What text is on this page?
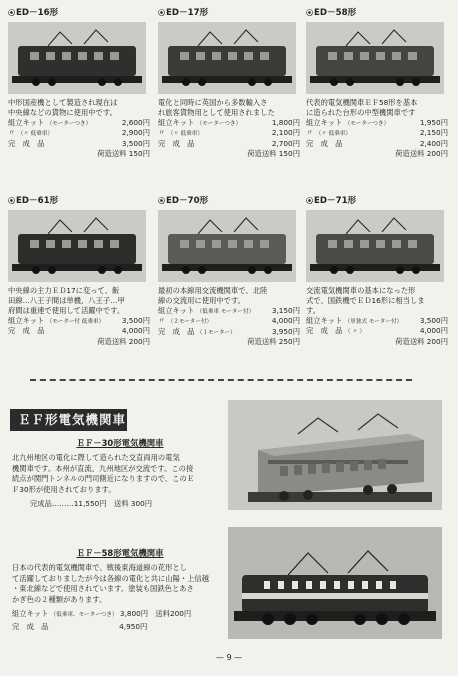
⦿ED－16形
中形国産機として製造され現在は
中央線などの貨物に使用中です。
組立キット （モーターつき）	2,600円
〃 （〃 低乗車）	2,900円
完　成　品	3,500円
荷造送料 150円
⦿ED－17形
電化と同時に英国から多数輸入さ
れ旅客貨物用として使用されました
組立キット （モーターつき）	1,800円
〃 （〃 低乗車）	2,100円
完　成　品	2,700円
荷造送料 150円
⦿ED－58形
代表的電気機関車ＥＦ58形を基本
に造られた台形の中型機関車です
組立キット （モーターつき）	1,950円
〃 （〃 低乗車）	2,150円
完　成　品	2,400円
荷造送料 200円
⦿ED－61形
中央線の主力ＥＤ17に変って、飯
田線…八王子間は単機、八王子…甲
府間は重連で使用して活躍中です。
組立キット （モーター付 低乗車）	3,500円
完　成　品	4,000円
荷造送料 200円
⦿ED－70形
最初の本線用交流機関車で、北陸
線の交流用に使用中です。
組立キット （低乗車 モーター付）	3,150円
〃 （２モーター付）	4,000円
完　成　品 （１モーター）	3,950円
荷造送料 250円
⦿ED－71形
交流電気機関車の基本になった形
式で、国鉄機でＥＤ16形に相当しま
す。
組立キット （単独式 モーター付）	3,500円
完　成　品 （ 〃 ）	4,000円
荷造送料 200円
ＥＦ形電気機関車
ＥＦ－30形電気機関車
北九州地区の電化に際して造られた交直両用の電気
機関車です。本州が直流、九州地区が交流です。この接
続点が関門トンネルの門司側近になりますので、このＥ
Ｆ30形が使用されております。
完成品………11,550円　送料 300円
ＥＦ－58形電気機関車
日本の代表的電気機関車で、戦後東海道線の花形とし
て活躍しておりましたが今は各線の電化と共に山陽・上信越
・東北線などで使用されています。塗装も国鉄色とあさ
かぎ色の２種類があります。
組立キット （低乗車、モーターつき） 3,800円　送料200円
完　成　品	4,950円
— 9 —
